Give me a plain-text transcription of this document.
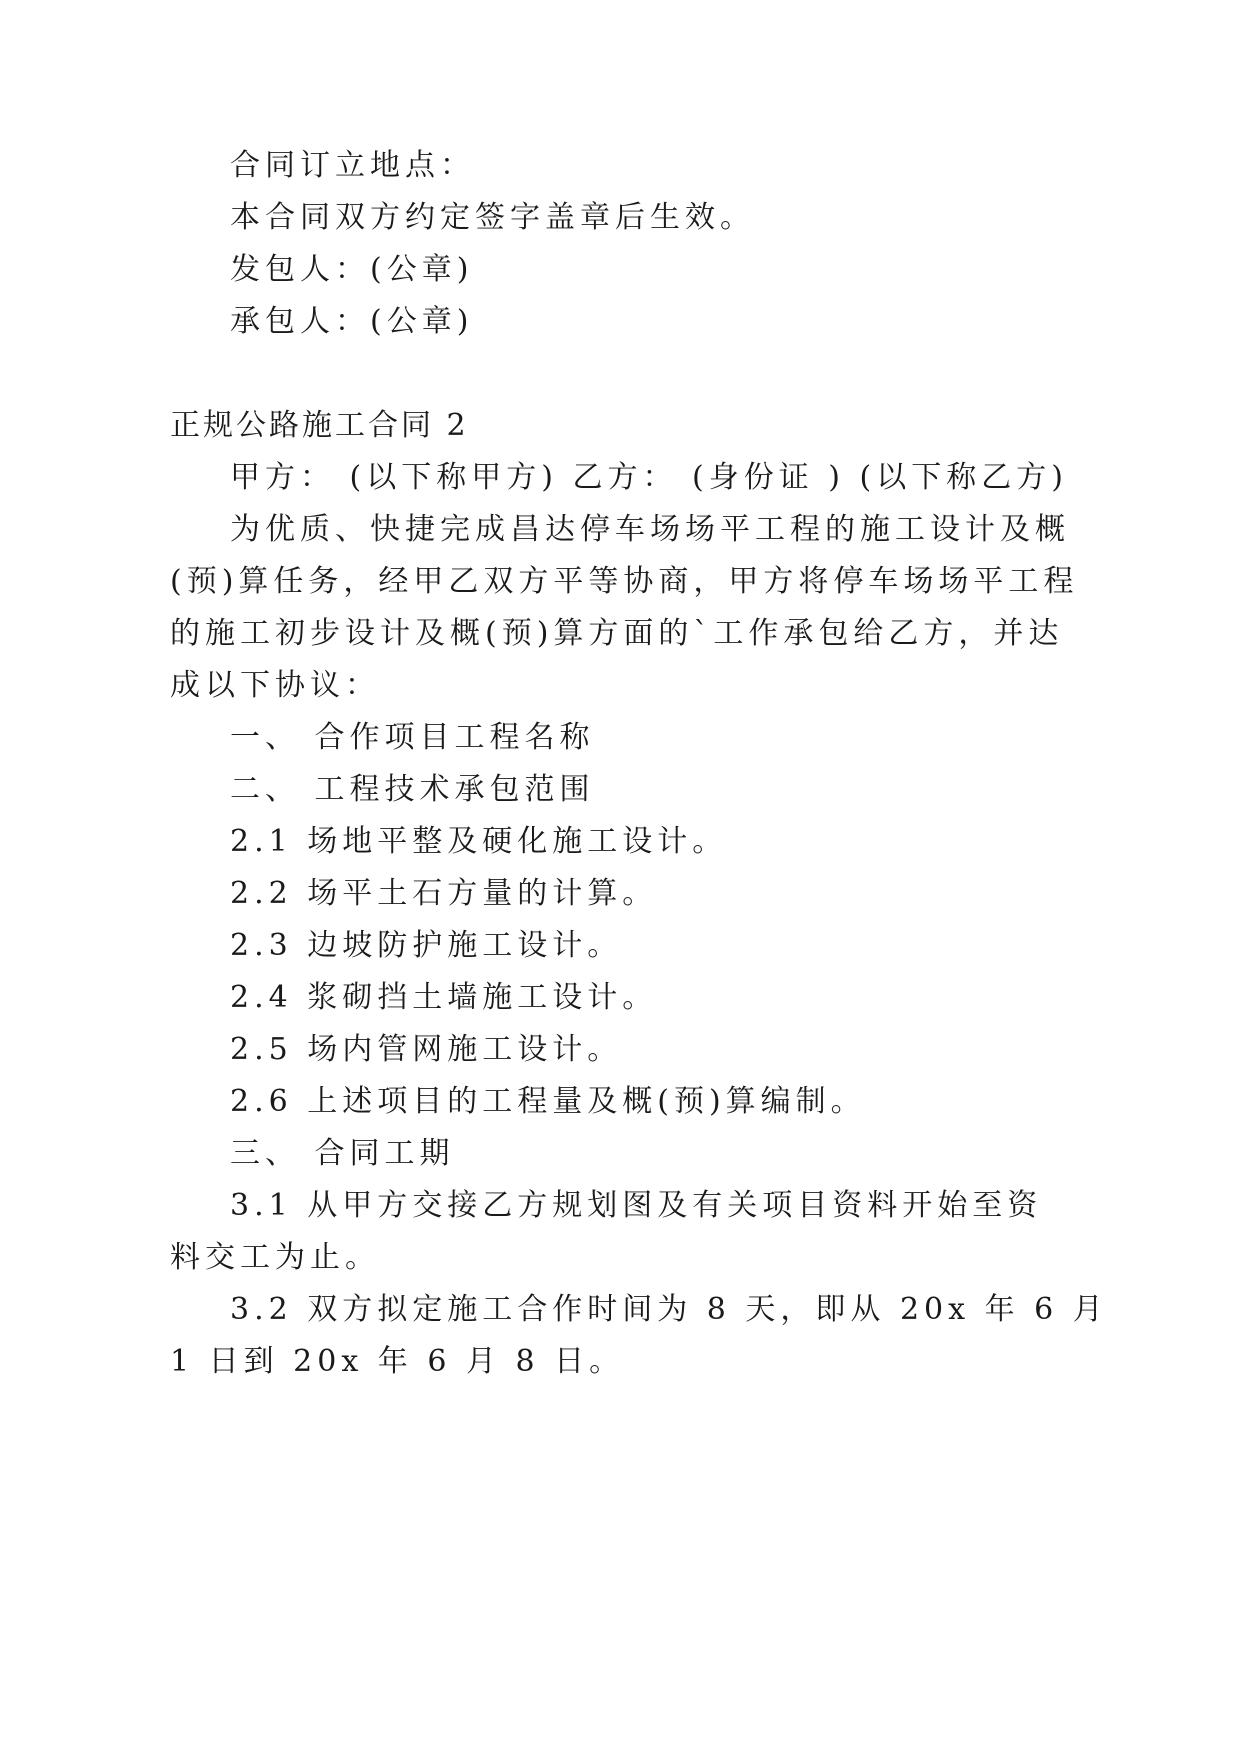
合同订立地点：
本合同双方约定签字盖章后生效。
发包人：(公章)
承包人：(公章)
正规公路施工合同 2
甲方： (以下称甲方) 乙方： (身份证 ) (以下称乙方)
为优质、快捷完成昌达停车场场平工程的施工设计及概
(预)算任务，经甲乙双方平等协商，甲方将停车场场平工程
的施工初步设计及概(预)算方面的`工作承包给乙方，并达
成以下协议：
一、 合作项目工程名称
二、 工程技术承包范围
2.1 场地平整及硬化施工设计。
2.2 场平土石方量的计算。
2.3 边坡防护施工设计。
2.4 浆砌挡土墙施工设计。
2.5 场内管网施工设计。
2.6 上述项目的工程量及概(预)算编制。
三、 合同工期
3.1 从甲方交接乙方规划图及有关项目资料开始至资
料交工为止。
3.2 双方拟定施工合作时间为 8 天，即从 20x 年 6 月
1 日到 20x 年 6 月 8 日。
